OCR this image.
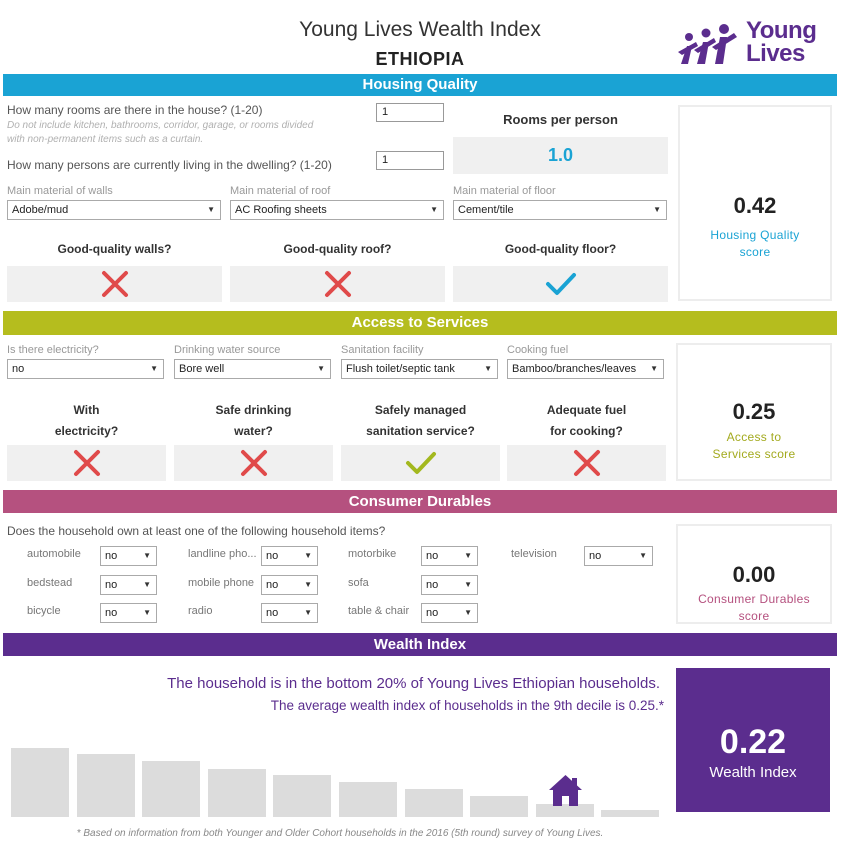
Young Lives Wealth Index
ETHIOPIA
Young
Lives
Housing Quality
How many rooms are there in the house? (1-20)
Do not include kitchen, bathrooms, corridor, garage, or rooms divided
with non-permanent items such as a curtain.
1
How many persons are currently living in the dwelling? (1-20)	1
Rooms per person
1.0
Main material of walls
Adobe/mud	▼
Main material of roof
AC Roofing sheets	▼
Main material of floor
Cement/tile	▼
Good-quality walls?	Good-quality roof?	Good-quality floor?
0.42
Housing Quality
score
Access to Services
Is there electricity?
no	▼
Drinking water source
Bore well	▼
Sanitation facility
Flush toilet/septic tank	▼
Cooking fuel
Bamboo/branches/leaves ▼
With
electricity?
Safe drinking
water?
Safely managed
sanitation service?
Adequate fuel
for cooking?
0.25
Access to
Services score
Consumer Durables
Does the household own at least one of the following household items?
automobile	no	▼	landline pho... no	▼	motorbike	no	▼	television	no	▼
bedstead	no	▼	mobile phone	no	▼	sofa	no	▼
bicycle	no	▼	radio	no	▼	table & chair	no	▼
0.00
Consumer Durables
score
Wealth Index
The household is in the bottom 20% of Young Lives Ethiopian households.
The average wealth index of households in the 9th decile is 0.25.*
0.22
Wealth Index
* Based on information from both Younger and Older Cohort households in the 2016 (5th round) survey of Young Lives.
